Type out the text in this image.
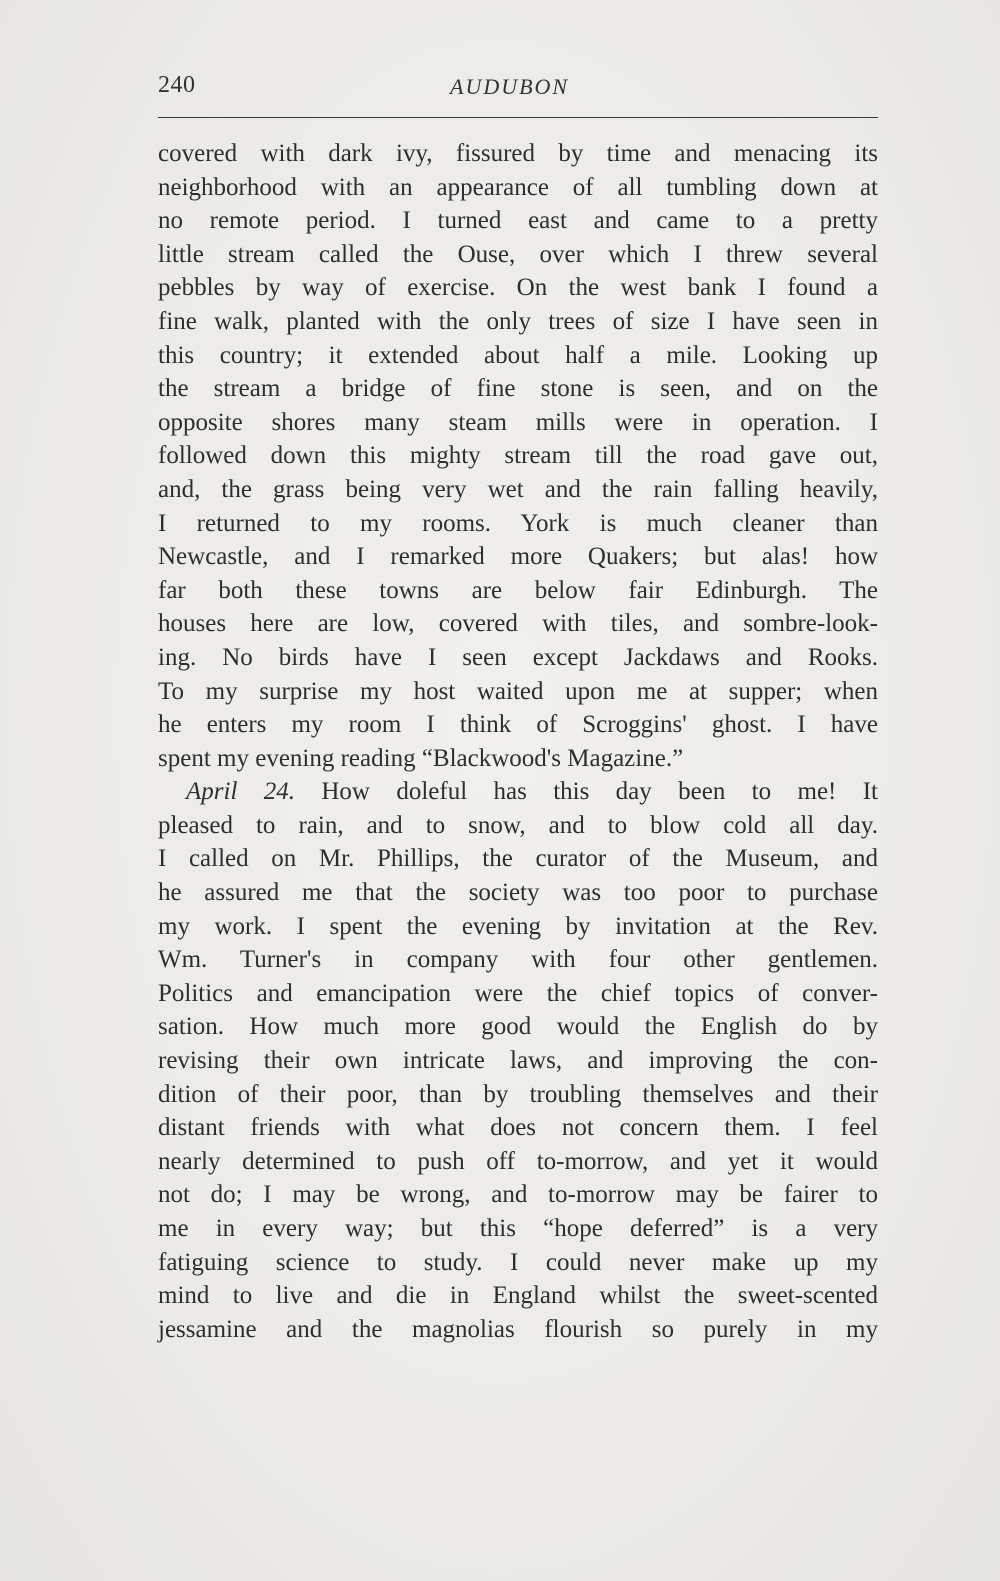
240	AUDUBON
covered with dark ivy, fissured by time and menacing its
neighborhood with an appearance of all tumbling down at
no remote period. I turned east and came to a pretty
little stream called the Ouse, over which I threw several
pebbles by way of exercise. On the west bank I found a
fine walk, planted with the only trees of size I have seen in
this country; it extended about half a mile. Looking up
the stream a bridge of fine stone is seen, and on the
opposite shores many steam mills were in operation. I
followed down this mighty stream till the road gave out,
and, the grass being very wet and the rain falling heavily,
I returned to my rooms. York is much cleaner than
Newcastle, and I remarked more Quakers; but alas! how
far both these towns are below fair Edinburgh. The
houses here are low, covered with tiles, and sombre-look-
ing. No birds have I seen except Jackdaws and Rooks.
To my surprise my host waited upon me at supper; when
he enters my room I think of Scroggins' ghost. I have
spent my evening reading “Blackwood's Magazine.”
April 24. How doleful has this day been to me! It
pleased to rain, and to snow, and to blow cold all day.
I called on Mr. Phillips, the curator of the Museum, and
he assured me that the society was too poor to purchase
my work. I spent the evening by invitation at the Rev.
Wm. Turner's in company with four other gentlemen.
Politics and emancipation were the chief topics of conver-
sation. How much more good would the English do by
revising their own intricate laws, and improving the con-
dition of their poor, than by troubling themselves and their
distant friends with what does not concern them. I feel
nearly determined to push off to-morrow, and yet it would
not do; I may be wrong, and to-morrow may be fairer to
me in every way; but this “hope deferred” is a very
fatiguing science to study. I could never make up my
mind to live and die in England whilst the sweet-scented
jessamine and the magnolias flourish so purely in my
